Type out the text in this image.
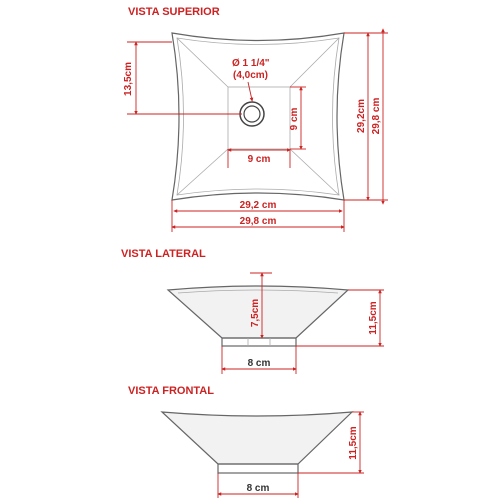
VISTA SUPERIOR
Ø 1 1/4"
(4,0cm)
13,5cm
9 cm
9 cm
29,2cm 29,8 cm
29,2 cm
29,8 cm
VISTA LATERAL
7,5cm	11,5cm
8 cm
VISTA FRONTAL
11,5cm
8 cm
